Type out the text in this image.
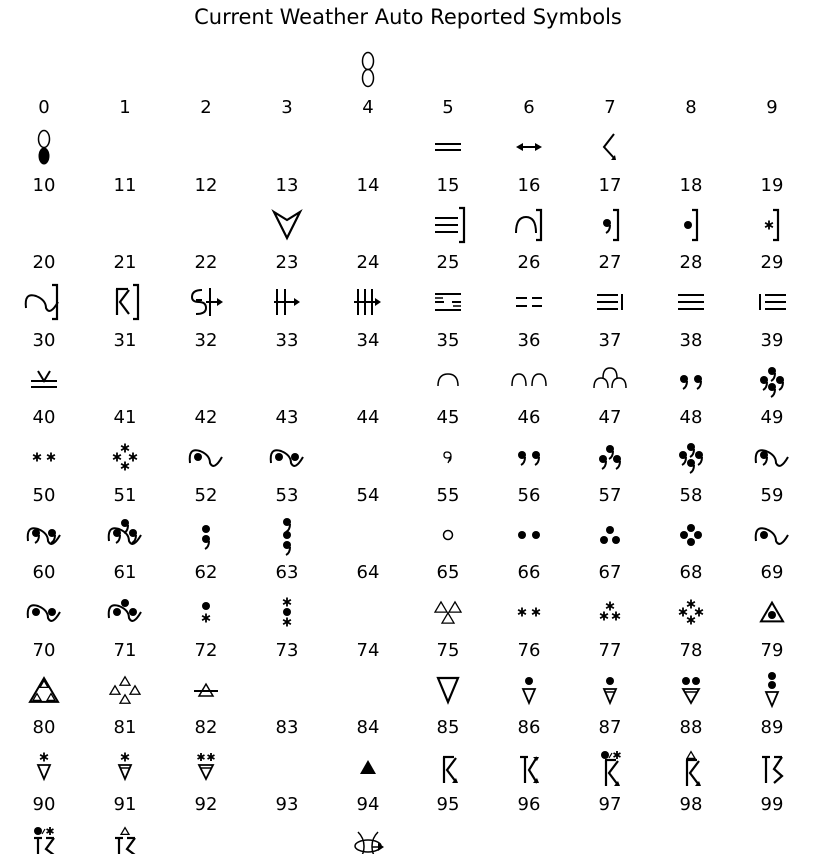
Current Weather Auto Reported Symbols
0	1	2	3	4	5	6	7	8	9
10	11	12	13	14	15	16	17	18	19
20	21	22	23	24	25	26	27	28	29
30	31	32	33	34	35	36	37	38	39
40	41	42	43	44	45	46	47	48	49
50	51	52	53	54	55	56	57	58	59
60	61	62	63	64	65	66	67	68	69
70	71	72	73	74	75	76	77	78	79
80	81	82	83	84	85	86	87	88	89
90	91	92	93	94	95	96	97	98	99
